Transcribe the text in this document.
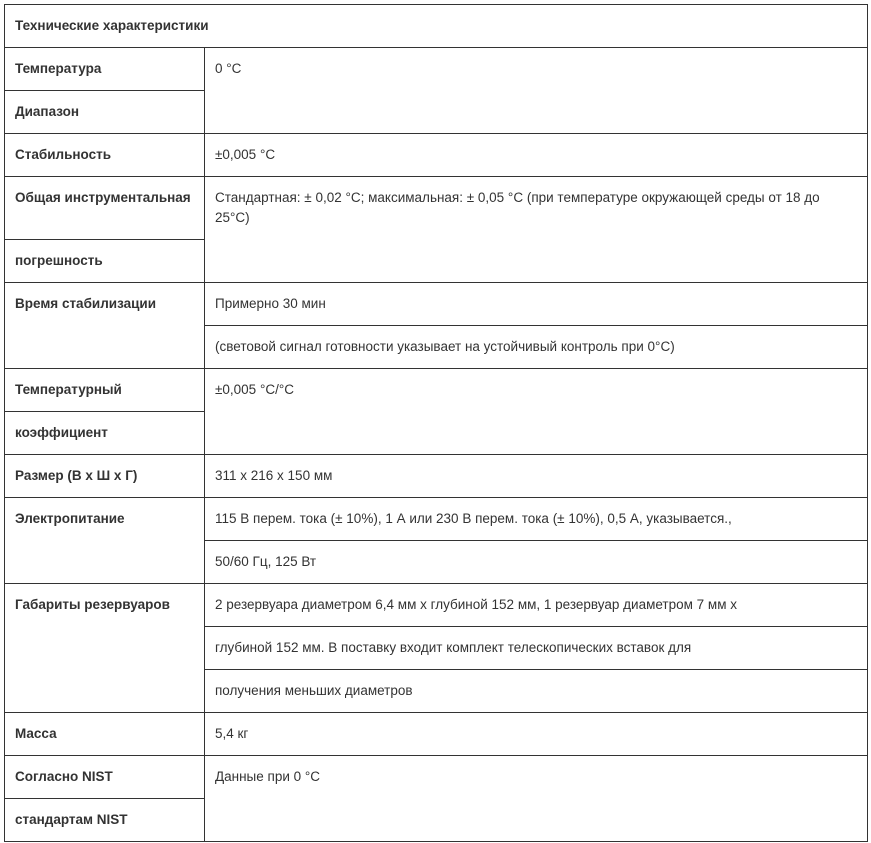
Технические характеристики	

Температура	0 °C

Диапазон	

Стабильность	±0,005 °C

Общая инструментальная	Стандартная: ± 0,02 °C; максимальная: ± 0,05 °C (при температуре окружающей среды от 18 до 25°C)

погрешность	

Время стабилизации	Примерно 30 мин

	(световой сигнал готовности указывает на устойчивый контроль при 0°C)

Температурный	±0,005 °C/°C

коэффициент	

Размер (В х Ш х Г)	311 x 216 x 150 мм

Электропитание	115 В перем. тока (± 10%), 1 А или 230 В перем. тока (± 10%), 0,5 А, указывается.,

	50/60 Гц, 125 Вт

Габариты резервуаров	2 резервуара диаметром 6,4 мм x глубиной 152 мм, 1 резервуар диаметром 7 мм x

	глубиной 152 мм. В поставку входит комплект телескопических вставок для

	получения меньших диаметров

Масса	5,4 кг

Согласно NIST	Данные при 0 °C

стандартам NIST	
